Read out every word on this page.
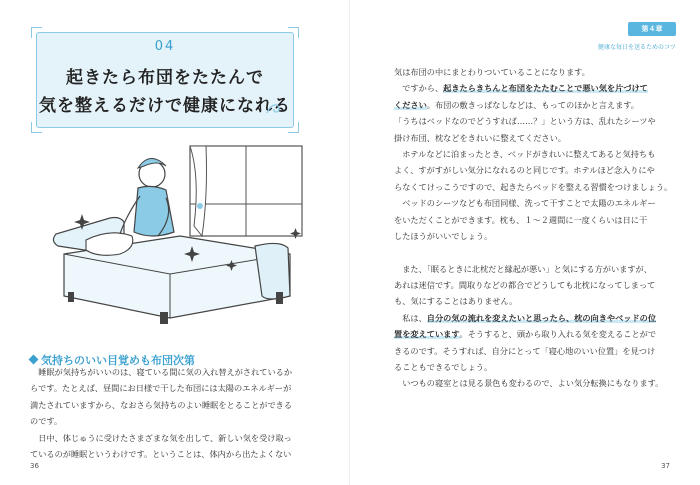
04
起きたら布団をたたんで
気を整えるだけで健康になれる
気持ちのいい目覚めも布団次第
　睡眠が気持ちがいいのは、寝ている間に気の入れ替えがされているか
らです。たとえば、昼間にお日様で干した布団には太陽のエネルギーが
満たされていますから、なおさら気持ちのよい睡眠をとることができる
のです。
　日中、体じゅうに受けたさまざまな気を出して、新しい気を受け取っ
ているのが睡眠というわけです。ということは、体内から出たよくない
36
第４章
健康な毎日を送るためのコツ
気は布団の中にまとわりついていることになります。
　ですから、起きたらきちんと布団をたたむことで悪い気を片づけて
ください。布団の敷きっぱなしなどは、もってのほかと言えます。
「うちはベッドなのでどうすれば……？」という方は、乱れたシーツや
掛け布団、枕などをきれいに整えてください。
　ホテルなどに泊まったとき、ベッドがきれいに整えてあると気持ちも
よく、すがすがしい気分になれるのと同じです。ホテルほど念入りにや
らなくてけっこうですので、起きたらベッドを整える習慣をつけましょう。
　ベッドのシーツなども布団同様、洗って干すことで太陽のエネルギー
をいただくことができます。枕も、１〜２週間に一度くらいは日に干
したほうがいいでしょう。
　また、「眠るときに北枕だと縁起が悪い」と気にする方がいますが、
あれは迷信です。間取りなどの都合でどうしても北枕になってしまって
も、気にすることはありません。
　私は、自分の気の流れを変えたいと思ったら、枕の向きやベッドの位
置を変えています。そうすると、頭から取り入れる気を変えることがで
きるのです。そうすれば、自分にとって「寝心地のいい位置」を見つけ
ることもできるでしょう。
　いつもの寝室とは見る景色も変わるので、よい気分転換にもなります。
37
